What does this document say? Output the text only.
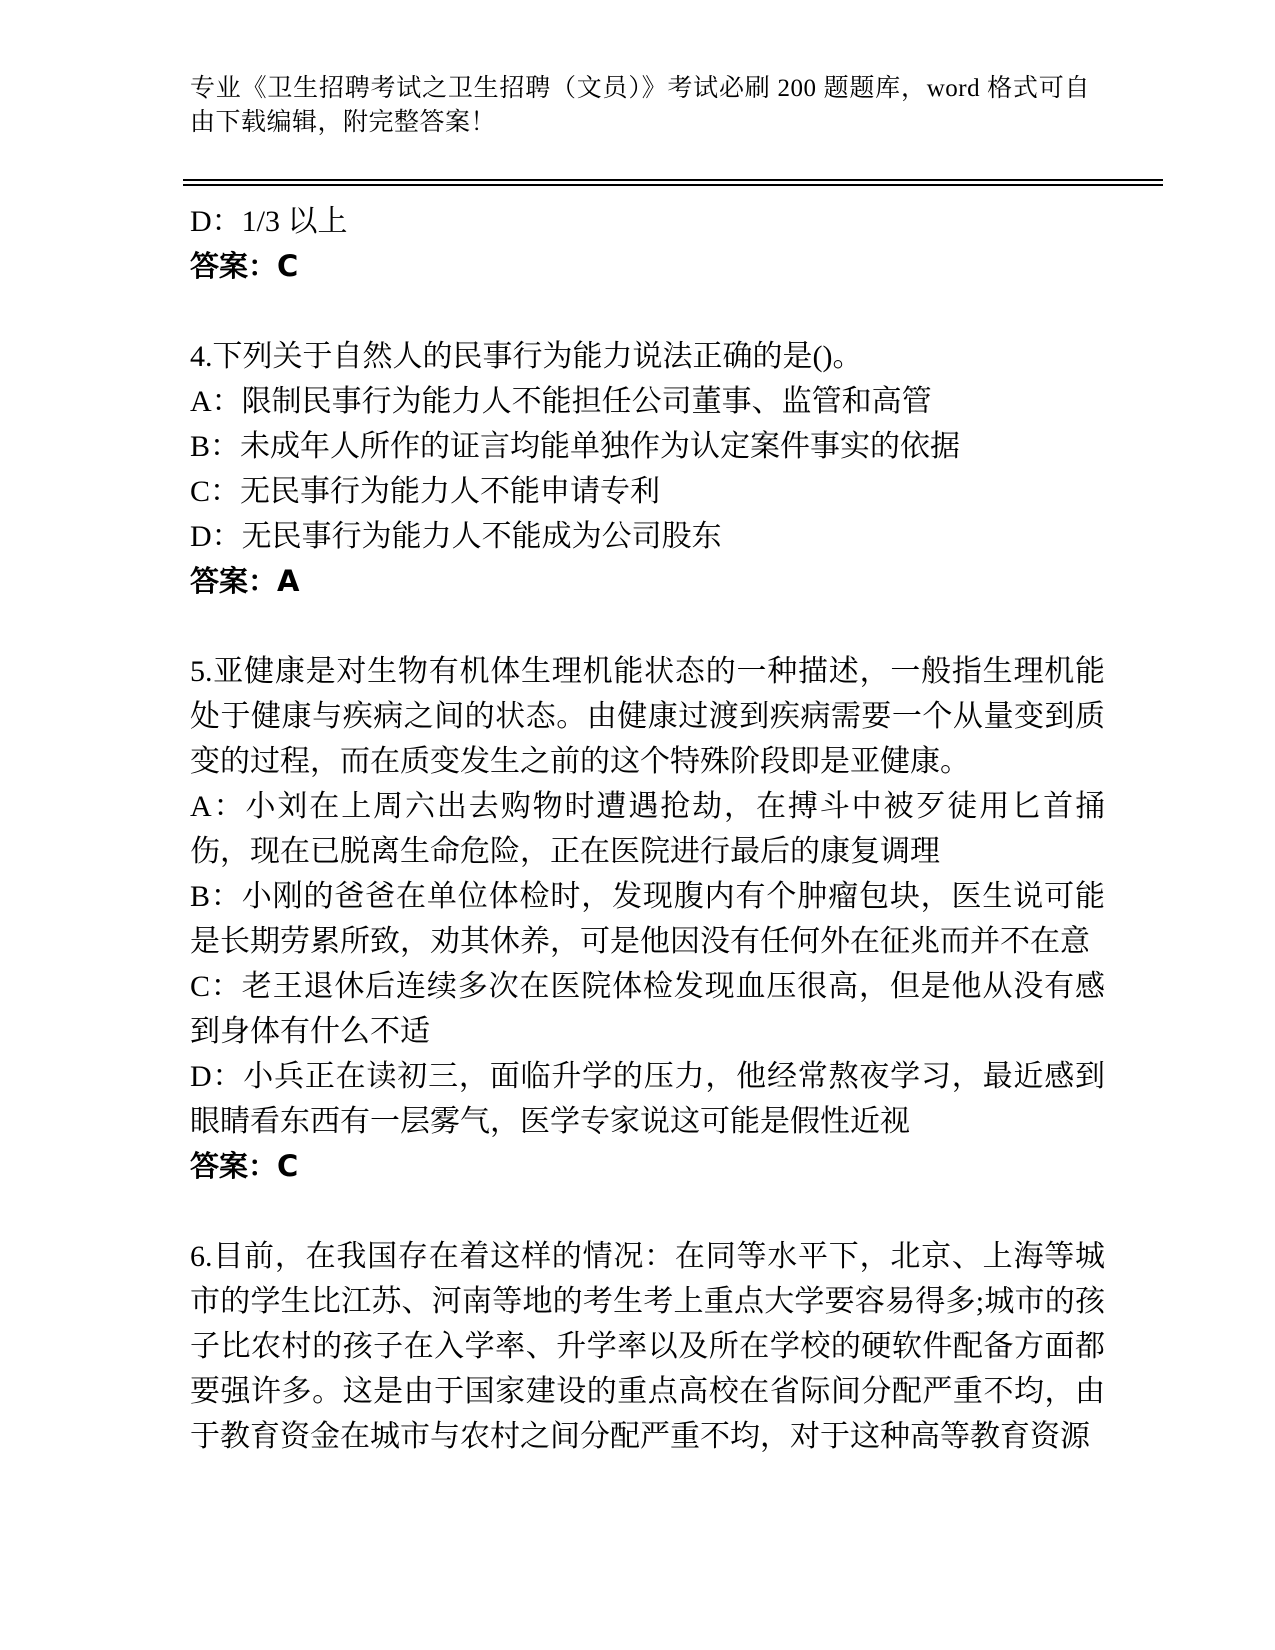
专业《卫生招聘考试之卫生招聘（文员）》考试必刷 200 题题库，word 格式可自由下载编辑，附完整答案！

D：1/3 以上

答案：C

4.下列关于自然人的民事行为能力说法正确的是()。

A：限制民事行为能力人不能担任公司董事、监管和高管

B：未成年人所作的证言均能单独作为认定案件事实的依据

C：无民事行为能力人不能申请专利

D：无民事行为能力人不能成为公司股东

答案：A

5.亚健康是对生物有机体生理机能状态的一种描述，一般指生理机能处于健康与疾病之间的状态。由健康过渡到疾病需要一个从量变到质变的过程，而在质变发生之前的这个特殊阶段即是亚健康。

A：小刘在上周六出去购物时遭遇抢劫，在搏斗中被歹徒用匕首捅伤，现在已脱离生命危险，正在医院进行最后的康复调理

B：小刚的爸爸在单位体检时，发现腹内有个肿瘤包块，医生说可能是长期劳累所致，劝其休养，可是他因没有任何外在征兆而并不在意

C：老王退休后连续多次在医院体检发现血压很高，但是他从没有感到身体有什么不适

D：小兵正在读初三，面临升学的压力，他经常熬夜学习，最近感到眼睛看东西有一层雾气，医学专家说这可能是假性近视

答案：C

6.目前，在我国存在着这样的情况：在同等水平下，北京、上海等城市的学生比江苏、河南等地的考生考上重点大学要容易得多;城市的孩子比农村的孩子在入学率、升学率以及所在学校的硬软件配备方面都要强许多。这是由于国家建设的重点高校在省际间分配严重不均，由于教育资金在城市与农村之间分配严重不均，对于这种高等教育资源
